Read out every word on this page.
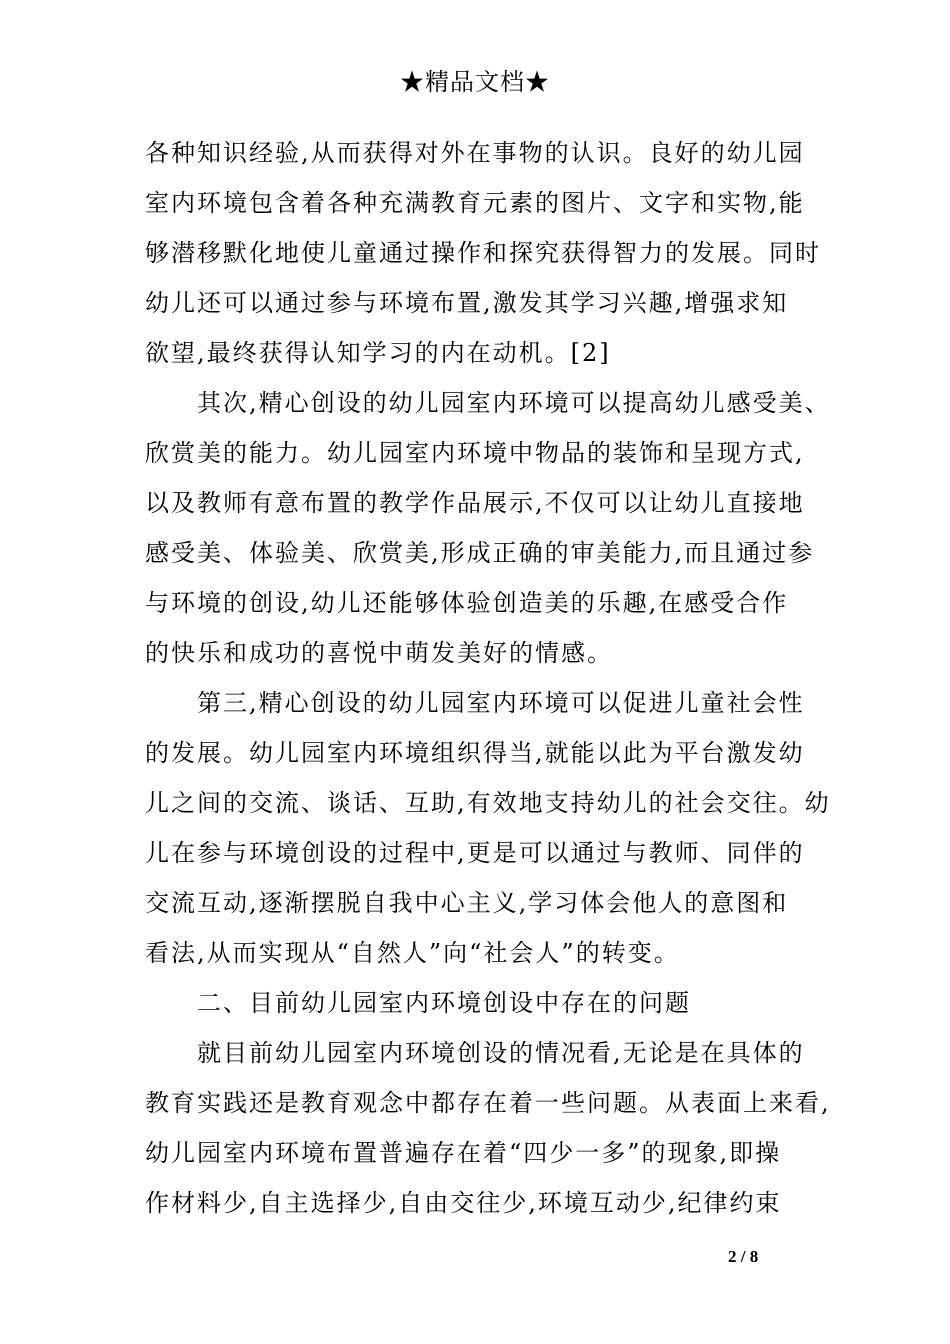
★精品文档★
各种知识经验,从而获得对外在事物的认识。良好的幼儿园
室内环境包含着各种充满教育元素的图片、文字和实物,能
够潜移默化地使儿童通过操作和探究获得智力的发展。同时
幼儿还可以通过参与环境布置,激发其学习兴趣,增强求知
欲望,最终获得认知学习的内在动机。[2]
其次,精心创设的幼儿园室内环境可以提高幼儿感受美、
欣赏美的能力。幼儿园室内环境中物品的装饰和呈现方式,
以及教师有意布置的教学作品展示,不仅可以让幼儿直接地
感受美、体验美、欣赏美,形成正确的审美能力,而且通过参
与环境的创设,幼儿还能够体验创造美的乐趣,在感受合作
的快乐和成功的喜悦中萌发美好的情感。
第三,精心创设的幼儿园室内环境可以促进儿童社会性
的发展。幼儿园室内环境组织得当,就能以此为平台激发幼
儿之间的交流、谈话、互助,有效地支持幼儿的社会交往。幼
儿在参与环境创设的过程中,更是可以通过与教师、同伴的
交流互动,逐渐摆脱自我中心主义,学习体会他人的意图和
看法,从而实现从“自然人”向“社会人”的转变。
二、目前幼儿园室内环境创设中存在的问题
就目前幼儿园室内环境创设的情况看,无论是在具体的
教育实践还是教育观念中都存在着一些问题。从表面上来看,
幼儿园室内环境布置普遍存在着“四少一多”的现象,即操
作材料少,自主选择少,自由交往少,环境互动少,纪律约束
2 / 8
